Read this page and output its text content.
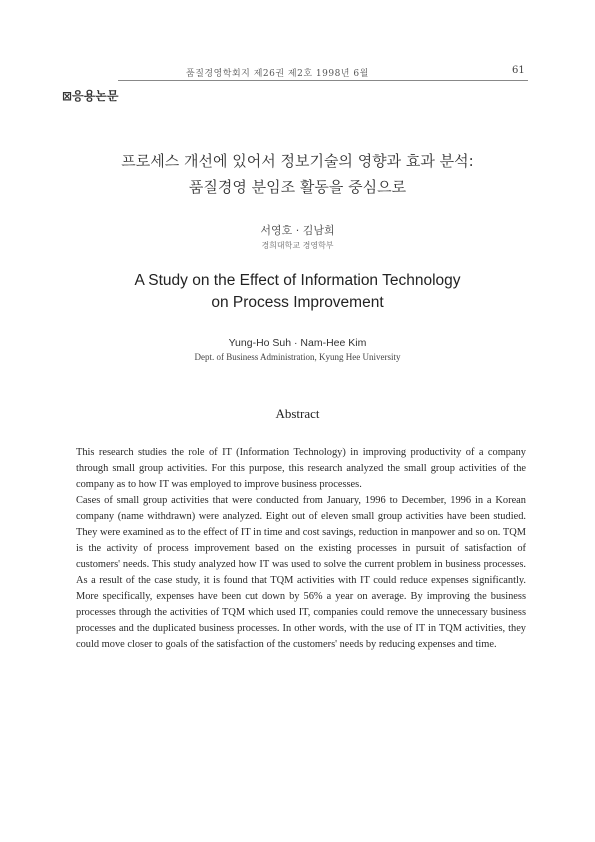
품질경영학회지 제26권 제2호 1998년 6월	61
⊠응용논문
프로세스 개선에 있어서 정보기술의 영향과 효과 분석:
품질경영 분임조 활동을 중심으로
서영호 · 김남희
경희대학교 경영학부
A Study on the Effect of Information Technology
on Process Improvement
Yung-Ho Suh · Nam-Hee Kim
Dept. of Business Administration, Kyung Hee University
Abstract

This research studies the role of IT (Information Technology) in improving productivity of a company through small group activities. For this purpose, this research analyzed the small group activities of the company as to how IT was employed to improve business processes.

Cases of small group activities that were conducted from January, 1996 to December, 1996 in a Korean company (name withdrawn) were analyzed. Eight out of eleven small group activities have been studied. They were examined as to the effect of IT in time and cost savings, reduction in manpower and so on. TQM is the activity of process improvement based on the existing processes in pursuit of satisfaction of customers' needs. This study analyzed how IT was used to solve the current problem in business processes. As a result of the case study, it is found that TQM activities with IT could reduce expenses significantly. More specifically, expenses have been cut down by 56% a year on average. By improving the business processes through the activities of TQM which used IT, companies could remove the unnecessary business processes and the duplicated business processes. In other words, with the use of IT in TQM activities, they could move closer to goals of the satisfaction of the customers' needs by reducing expenses and time.
